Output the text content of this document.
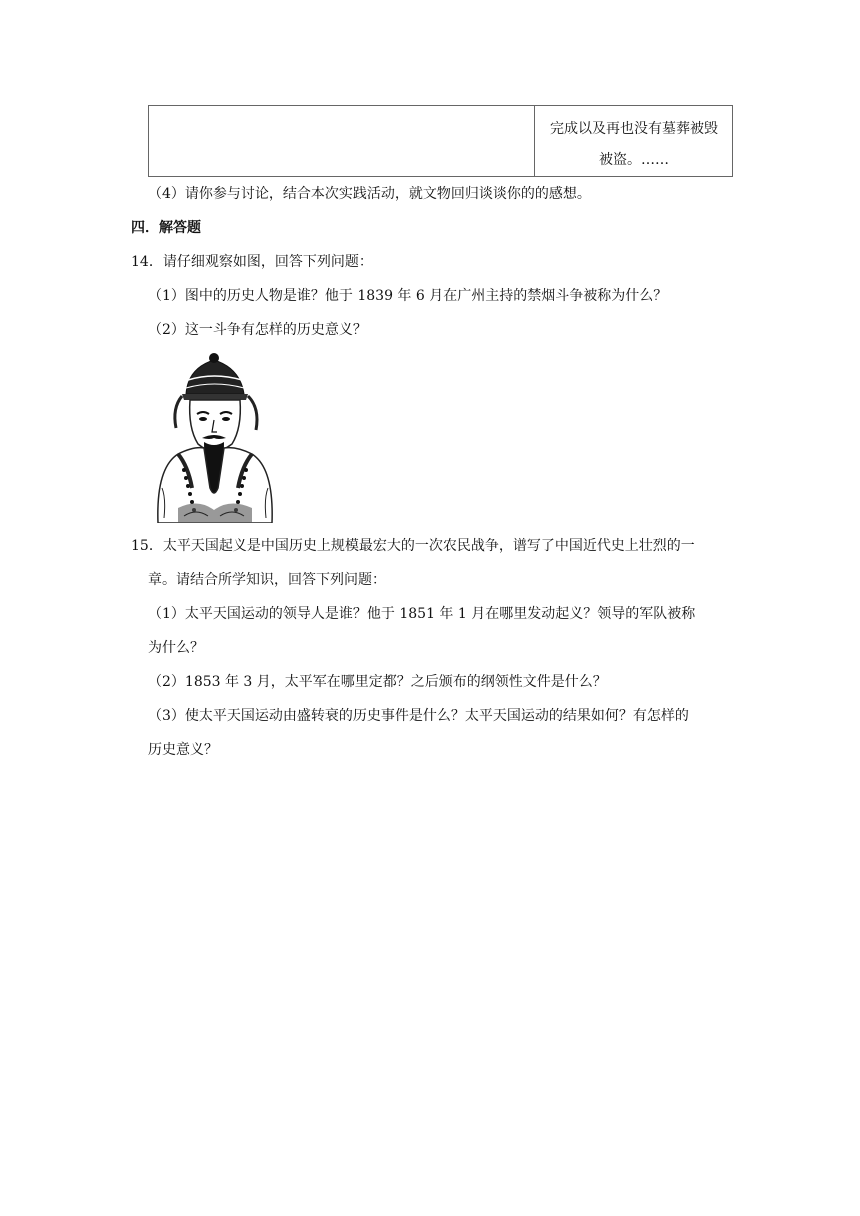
完成以及再也没有墓葬被毁
被盗。……
（4）请你参与讨论，结合本次实践活动，就文物回归谈谈你的的感想。
四．解答题
14．请仔细观察如图，回答下列问题：
（1）图中的历史人物是谁？他于 1839 年 6 月在广州主持的禁烟斗争被称为什么？
（2）这一斗争有怎样的历史意义？
15．太平天国起义是中国历史上规模最宏大的一次农民战争，谱写了中国近代史上壮烈的一
章。请结合所学知识，回答下列问题：
（1）太平天国运动的领导人是谁？他于 1851 年 1 月在哪里发动起义？领导的军队被称
为什么？
（2）1853 年 3 月，太平军在哪里定都？之后颁布的纲领性文件是什么？
（3）使太平天国运动由盛转衰的历史事件是什么？太平天国运动的结果如何？有怎样的
历史意义？
